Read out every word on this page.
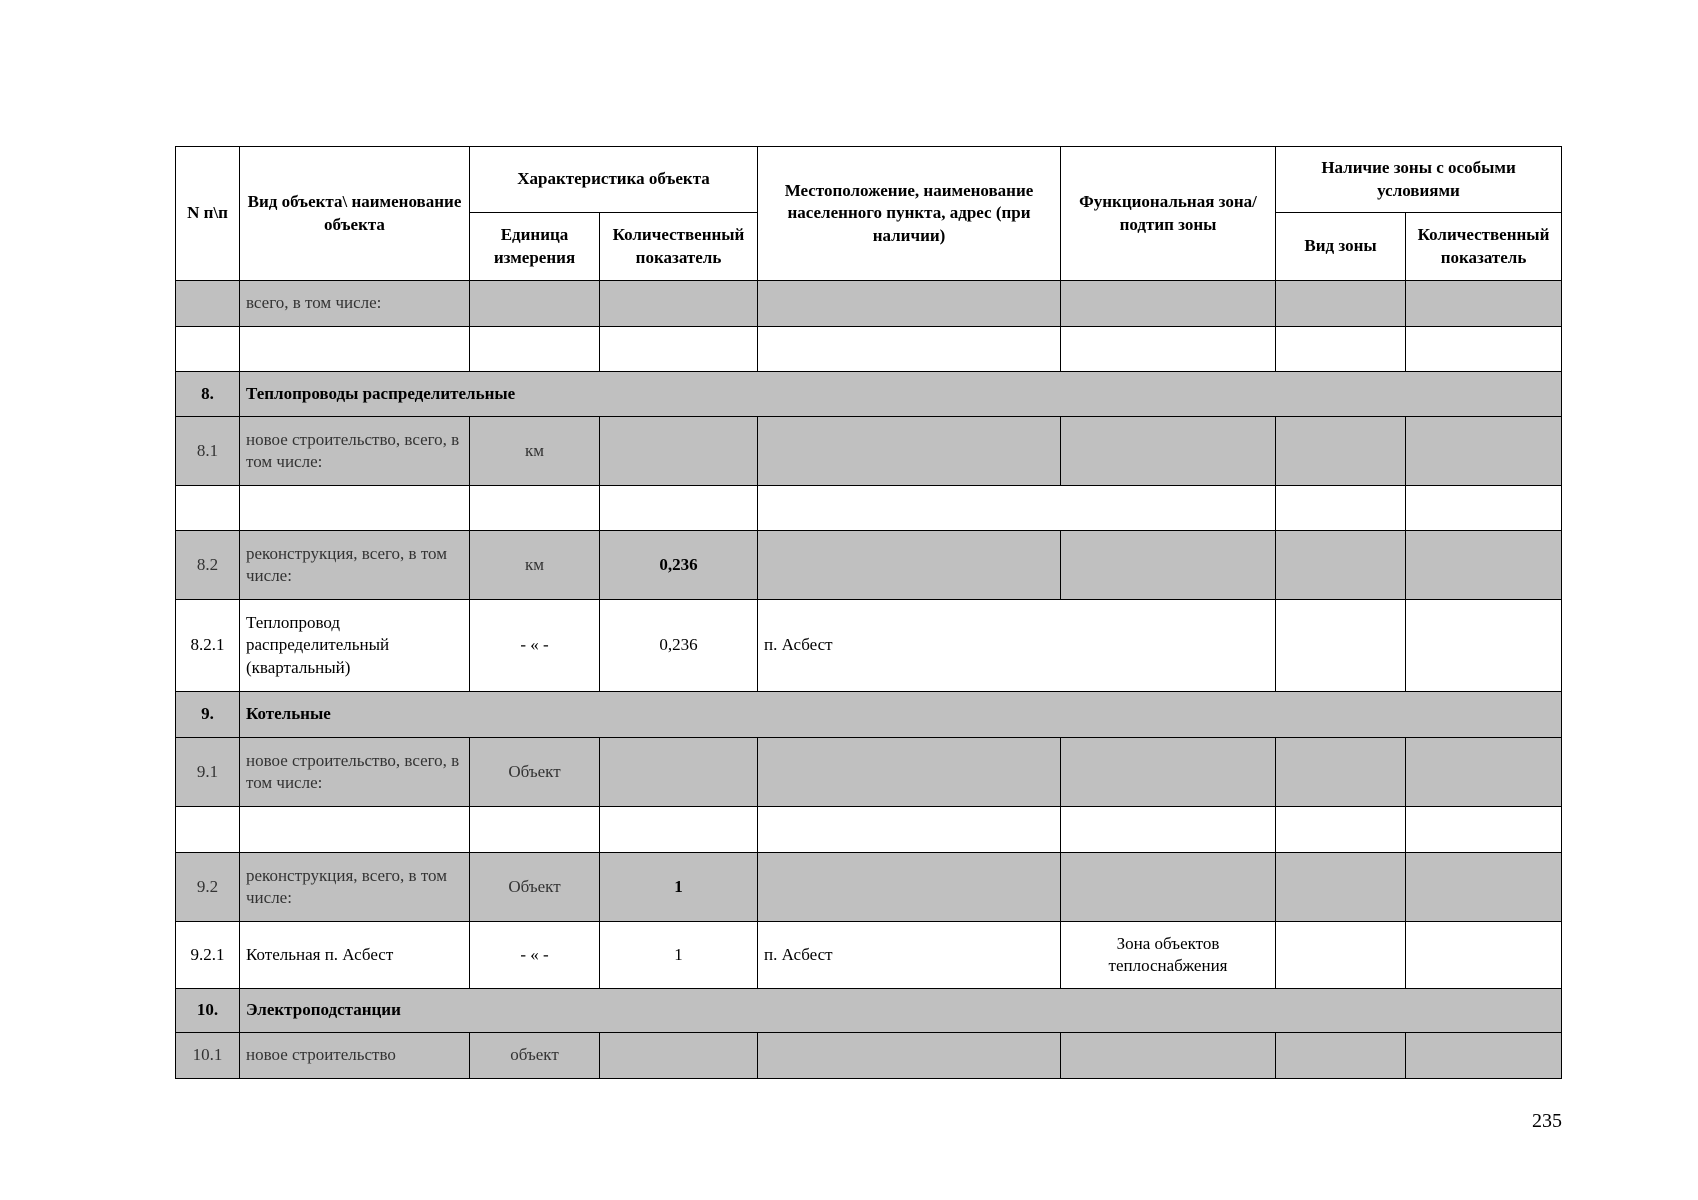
N п\п	Вид объекта\ наименование объекта	Характеристика объекта		Местоположение, наименование населенного пункта, адрес (при наличии)	Функциональная зона/ подтип зоны	Наличие зоны с особыми условиями	
		Единица измерения	Количественный показатель			Вид зоны	Количественный показатель
	всего, в том числе:						

8.	Теплопроводы распределительные						
8.1	новое строительство, всего, в том числе:	км					

8.2	реконструкция, всего, в том числе:	км	0,236				
8.2.1	Теплопровод распределительный (квартальный)	- « -	0,236	п. Асбест			
9.	Котельные						
9.1	новое строительство, всего, в том числе:	Объект					

9.2	реконструкция, всего, в том числе:	Объект	1				
9.2.1	Котельная п. Асбест	- « -	1	п. Асбест	Зона объектов теплоснабжения		
10.	Электроподстанции						
10.1	новое строительство	объект					
235
